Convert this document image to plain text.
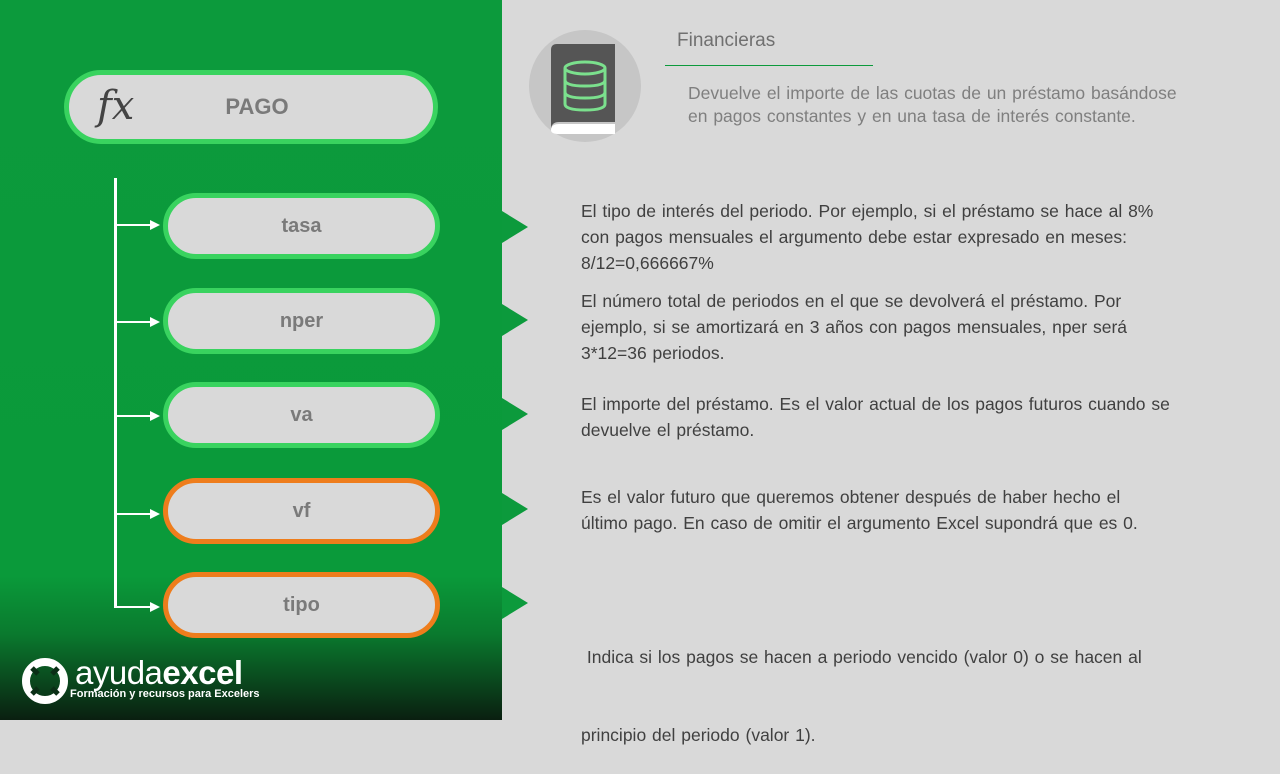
fx	PAGO
tasa
nper
va
vf
tipo
Financieras
Devuelve el importe de las cuotas de un préstamo basándose
en pagos constantes y en una tasa de interés constante.
El tipo de interés del periodo. Por ejemplo, si el préstamo se hace al 8%
con pagos mensuales el argumento debe estar expresado en meses:
8/12=0,666667%
El número total de periodos en el que se devolverá el préstamo. Por
ejemplo, si se amortizará en 3 años con pagos mensuales, nper será
3*12=36 periodos.
El importe del préstamo. Es el valor actual de los pagos futuros cuando se
devuelve el préstamo.
Es el valor futuro que queremos obtener después de haber hecho el
último pago. En caso de omitir el argumento Excel supondrá que es 0.

Indica si los pagos se hacen a periodo vencido (valor 0) o se hacen al

principio del periodo (valor 1).

ayudaexcel
Formación y recursos para Excelers
